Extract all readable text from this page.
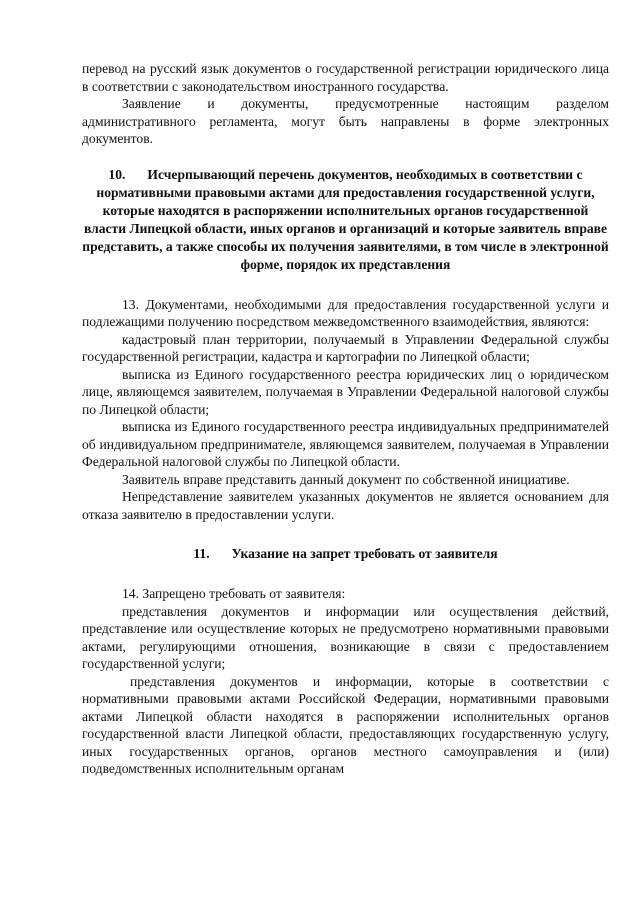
перевод на русский язык документов о государственной регистрации юридического лица в соответствии с законодательством иностранного государства.

Заявление и документы, предусмотренные настоящим разделом административного регламента, могут быть направлены в форме электронных документов.

10. Исчерпывающий перечень документов, необходимых в соответствии с нормативными правовыми актами для предоставления государственной услуги, которые находятся в распоряжении исполнительных органов государственной власти Липецкой области, иных органов и организаций и которые заявитель вправе представить, а также способы их получения заявителями, в том числе в электронной форме, порядок их представления

13. Документами, необходимыми для предоставления государственной услуги и подлежащими получению посредством межведомственного взаимодействия, являются:

кадастровый план территории, получаемый в Управлении Федеральной службы государственной регистрации, кадастра и картографии по Липецкой области;

выписка из Единого государственного реестра юридических лиц о юридическом лице, являющемся заявителем, получаемая в Управлении Федеральной налоговой службы по Липецкой области;

выписка из Единого государственного реестра индивидуальных предпринимателей об индивидуальном предпринимателе, являющемся заявителем, получаемая в Управлении Федеральной налоговой службы по Липецкой области.

Заявитель вправе представить данный документ по собственной инициативе.

Непредставление заявителем указанных документов не является основанием для отказа заявителю в предоставлении услуги.

11. Указание на запрет требовать от заявителя

14. Запрещено требовать от заявителя:

представления документов и информации или осуществления действий, представление или осуществление которых не предусмотрено нормативными правовыми актами, регулирующими отношения, возникающие в связи с предоставлением государственной услуги;

представления документов и информации, которые в соответствии с нормативными правовыми актами Российской Федерации, нормативными правовыми актами Липецкой области находятся в распоряжении исполнительных органов государственной власти Липецкой области, предоставляющих государственную услугу, иных государственных органов, органов местного самоуправления и (или) подведомственных исполнительным органам
